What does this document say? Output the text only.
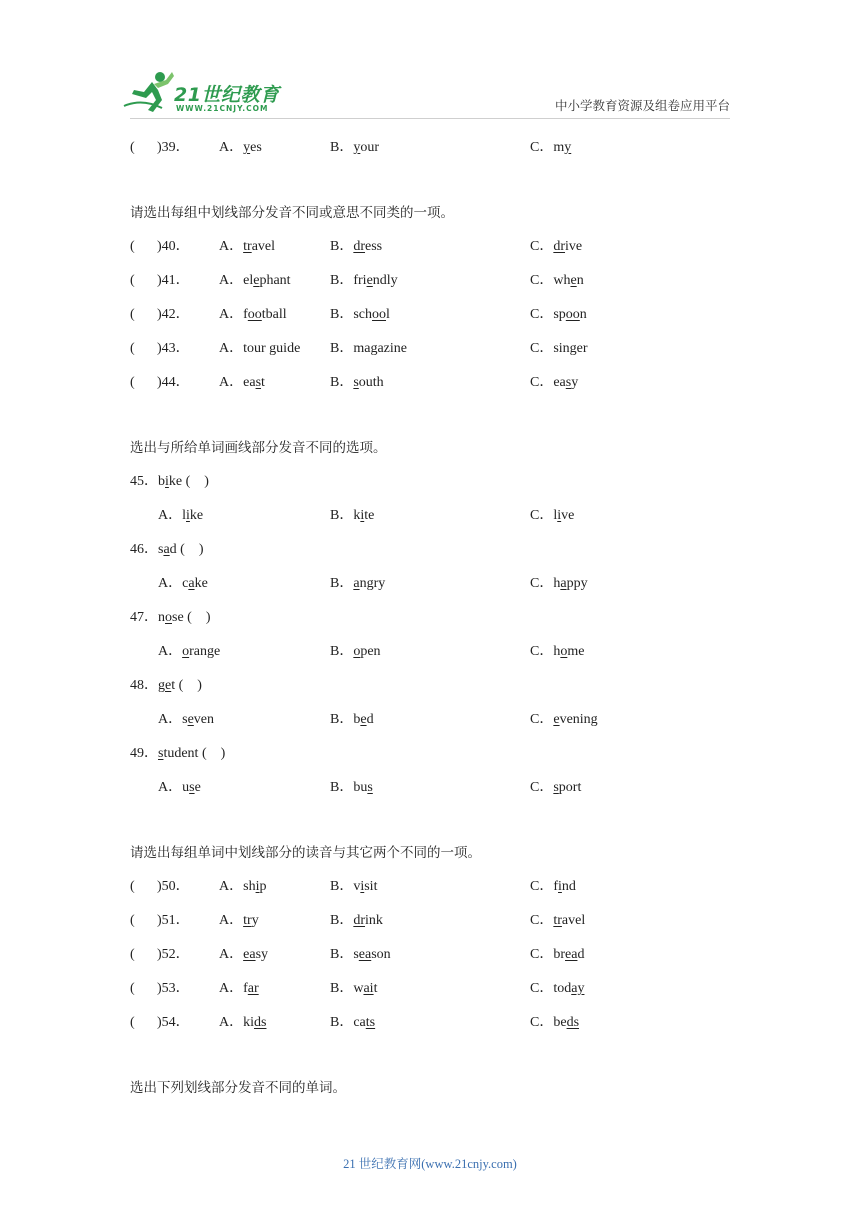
21世纪教育
WWW.21CNJY.COM	中小学教育资源及组卷应用平台
( )39． A．yes	B．your	C．my
请选出每组中划线部分发音不同或意思不同类的一项。
( )40． A．travel	B．dress	C．drive
( )41． A．elephant	B．friendly	C．when
( )42． A．football	B．school	C．spoon
( )43． A．tour guide B．magazine	C．singer
( )44． A．east	B．south	C．easy
选出与所给单词画线部分发音不同的选项。
45．bike (　)
A．like	B．kite	C．live
46．sad (　)
A．cake	B．angry	C．happy
47．nose (　)
A．orange	B．open	C．home
48．get (　)
A．seven	B．bed	C．evening
49．student (　)
A．use	B．bus	C．sport
请选出每组单词中划线部分的读音与其它两个不同的一项。
( )50． A．ship	B．visit	C．find
( )51． A．try	B．drink	C．travel
( )52． A．easy	B．season	C．bread
( )53． A．far	B．wait	C．today
( )54． A．kids	B．cats	C．beds
选出下列划线部分发音不同的单词。
21 世纪教育网(www.21cnjy.com)
